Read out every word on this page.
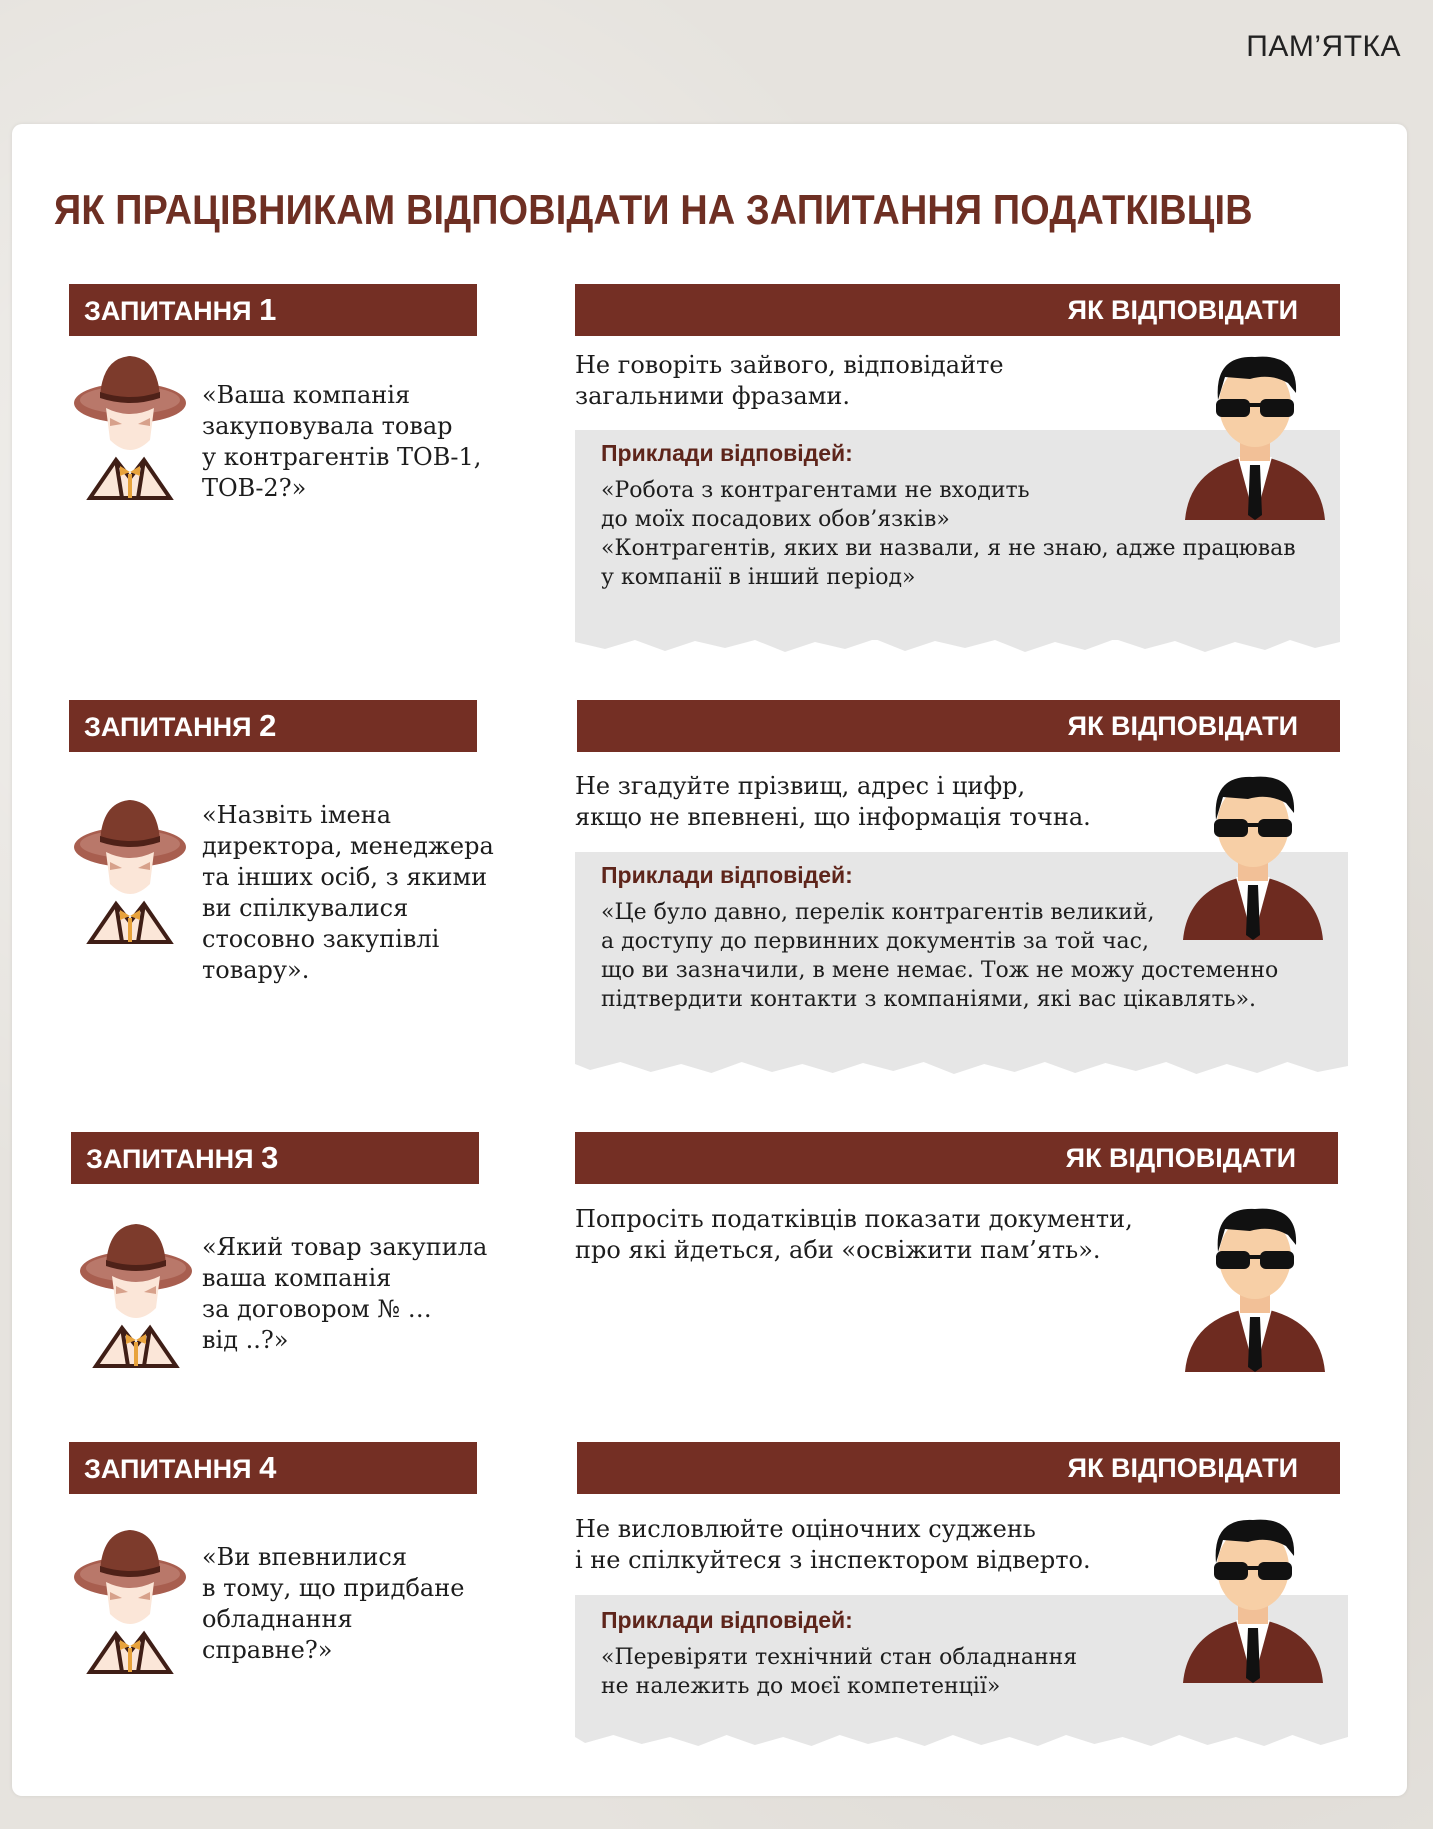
ПАМ’ЯТКА
ЯК ПРАЦІВНИКАМ ВІДПОВІДАТИ НА ЗАПИТАННЯ ПОДАТКІВЦІВ
ЗАПИТАННЯ 1	ЯК ВІДПОВІДАТИ
«Ваша компанія
закуповувала товар
у контрагентів ТОВ-1,
ТОВ-2?»
Не говоріть зайвого, відповідайте
загальними фразами.
Приклади відповідей:
«Робота з контрагентами не входить
до моїх посадових обов’язків»
«Контрагентів, яких ви назвали, я не знаю, адже працював
у компанії в інший період»
ЗАПИТАННЯ 2	ЯК ВІДПОВІДАТИ
«Назвіть імена
директора, менеджера
та інших осіб, з якими
ви спілкувалися
стосовно закупівлі
товару».
Не згадуйте прізвищ, адрес і цифр,
якщо не впевнені, що інформація точна.
Приклади відповідей:
«Це було давно, перелік контрагентів великий,
а доступу до первинних документів за той час,
що ви зазначили, в мене немає. Тож не можу достеменно
підтвердити контакти з компаніями, які вас цікавлять».
ЗАПИТАННЯ 3	ЯК ВІДПОВІДАТИ
«Який товар закупила
ваша компанія
за договором № …
від ..?»
Попросіть податківців показати документи,
про які йдеться, аби «освіжити пам’ять».
ЗАПИТАННЯ 4	ЯК ВІДПОВІДАТИ
«Ви впевнилися
в тому, що придбане
обладнання
справне?»
Не висловлюйте оціночних суджень
і не спілкуйтеся з інспектором відверто.
Приклади відповідей:
«Перевіряти технічний стан обладнання
не належить до моєї компетенції»
